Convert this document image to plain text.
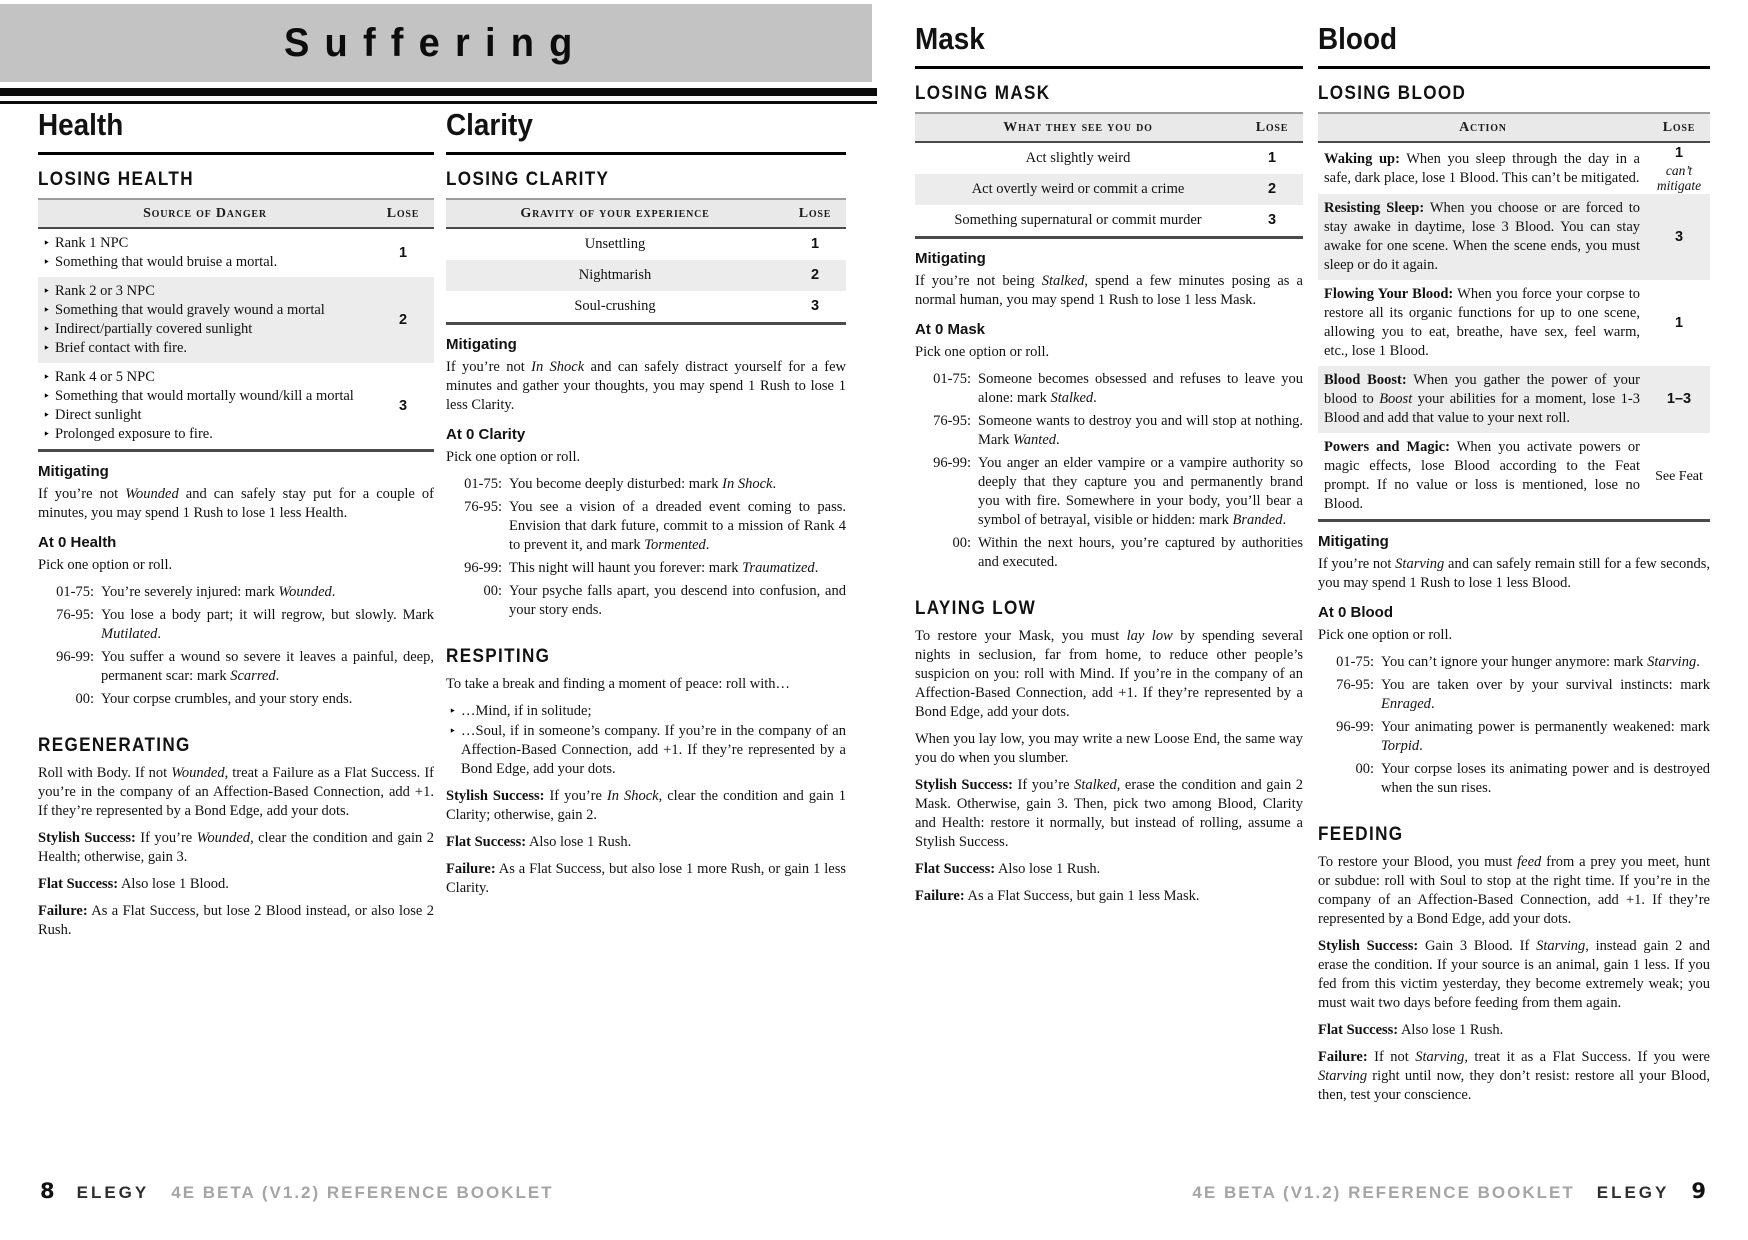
Suffering
Health
LOSING HEALTH
Source of Danger	Lose

‣ Rank 1 NPC
‣ Something that would bruise a mortal.
	1

‣ Rank 2 or 3 NPC
‣ Something that would gravely wound a mortal
‣ Indirect/partially covered sunlight
‣ Brief contact with fire.
	2

‣ Rank 4 or 5 NPC
‣ Something that would mortally wound/kill a mortal
‣ Direct sunlight
‣ Prolonged exposure to fire.
	3
Mitigating

If you’re not Wounded and can safely stay put for a couple of minutes, you may spend 1 Rush to lose 1 less Health.

At 0 Health

Pick one option or roll.

01-75: You’re severely injured: mark Wounded.
76-95: You lose a body part; it will regrow, but slowly. Mark Mutilated.
96-99: You suffer a wound so severe it leaves a painful, deep, permanent scar: mark Scarred.
00: Your corpse crumbles, and your story ends.
REGENERATING

Roll with Body. If not Wounded, treat a Failure as a Flat Success. If you’re in the company of an Affection-Based Connection, add +1. If they’re represented by a Bond Edge, add your dots.

Stylish Success: If you’re Wounded, clear the condition and gain 2 Health; otherwise, gain 3.

Flat Success: Also lose 1 Blood.

Failure: As a Flat Success, but lose 2 Blood instead, or also lose 2 Rush.

Clarity
LOSING CLARITY
Gravity of your experience	Lose
Unsettling	1
Nightmarish	2
Soul-crushing	3
Mitigating

If you’re not In Shock and can safely distract yourself for a few minutes and gather your thoughts, you may spend 1 Rush to lose 1 less Clarity.

At 0 Clarity

Pick one option or roll.

01-75: You become deeply disturbed: mark In Shock.
76-95: You see a vision of a dreaded event coming to pass. Envision that dark future, commit to a mission of Rank 4 to prevent it, and mark Tormented.
96-99: This night will haunt you forever: mark Traumatized.
00: Your psyche falls apart, you descend into confusion, and your story ends.
RESPITING

To take a break and finding a moment of peace: roll with…

‣ …Mind, if in solitude;
‣ …Soul, if in someone’s company. If you’re in the company of an Affection-Based Connection, add +1. If they’re represented by a Bond Edge, add your dots.

Stylish Success: If you’re In Shock, clear the condition and gain 1 Clarity; otherwise, gain 2.

Flat Success: Also lose 1 Rush.

Failure: As a Flat Success, but also lose 1 more Rush, or gain 1 less Clarity.

Mask
LOSING MASK
What they see you do	Lose
Act slightly weird	1
Act overtly weird or commit a crime	2
Something supernatural or commit murder	3
Mitigating

If you’re not being Stalked, spend a few minutes posing as a normal human, you may spend 1 Rush to lose 1 less Mask.

At 0 Mask

Pick one option or roll.

01-75: Someone becomes obsessed and refuses to leave you alone: mark Stalked.
76-95: Someone wants to destroy you and will stop at nothing. Mark Wanted.
96-99: You anger an elder vampire or a vampire authority so deeply that they capture you and permanently brand you with fire. Somewhere in your body, you’ll bear a symbol of betrayal, visible or hidden: mark Branded.
00: Within the next hours, you’re captured by authorities and executed.
LAYING LOW

To restore your Mask, you must lay low by spending several nights in seclusion, far from home, to reduce other people’s suspicion on you: roll with Mind. If you’re in the company of an Affection-Based Connection, add +1. If they’re represented by a Bond Edge, add your dots.

When you lay low, you may write a new Loose End, the same way you do when you slumber.

Stylish Success: If you’re Stalked, erase the condition and gain 2 Mask. Otherwise, gain 3. Then, pick two among Blood, Clarity and Health: restore it normally, but instead of rolling, assume a Stylish Success.

Flat Success: Also lose 1 Rush.

Failure: As a Flat Success, but gain 1 less Mask.

Blood
LOSING BLOOD
Action	Lose
Waking up: When you sleep through the day in a safe, dark place, lose 1 Blood. This can’t be mitigated.	1
can’t mitigate

Resisting Sleep: When you choose or are forced to stay awake in daytime, lose 3 Blood. You can stay awake for one scene. When the scene ends, you must sleep or do it again.	3
Flowing Your Blood: When you force your corpse to restore all its organic functions for up to one scene, allowing you to eat, breathe, have sex, feel warm, etc., lose 1 Blood.	1
Blood Boost: When you gather the power of your blood to Boost your abilities for a moment, lose 1-3 Blood and add that value to your next roll.	1–3
Powers and Magic: When you activate powers or magic effects, lose Blood according to the Feat prompt. If no value or loss is mentioned, lose no Blood.	See Feat
Mitigating

If you’re not Starving and can safely remain still for a few seconds, you may spend 1 Rush to lose 1 less Blood.

At 0 Blood

Pick one option or roll.

01-75: You can’t ignore your hunger anymore: mark Starving.
76-95: You are taken over by your survival instincts: mark Enraged.
96-99: Your animating power is permanently weakened: mark Torpid.
00: Your corpse loses its animating power and is destroyed when the sun rises.
FEEDING

To restore your Blood, you must feed from a prey you meet, hunt or subdue: roll with Soul to stop at the right time. If you’re in the company of an Affection-Based Connection, add +1. If they’re represented by a Bond Edge, add your dots.

Stylish Success: Gain 3 Blood. If Starving, instead gain 2 and erase the condition. If your source is an animal, gain 1 less. If you fed from this victim yesterday, they become extremely weak; you must wait two days before feeding from them again.

Flat Success: Also lose 1 Rush.

Failure: If not Starving, treat it as a Flat Success. If you were Starving right until now, they don’t resist: restore all your Blood, then, test your conscience.

8 ELEGY 4E BETA (V1.2) REFERENCE BOOKLET	4E BETA (V1.2) REFERENCE BOOKLET ELEGY 9
